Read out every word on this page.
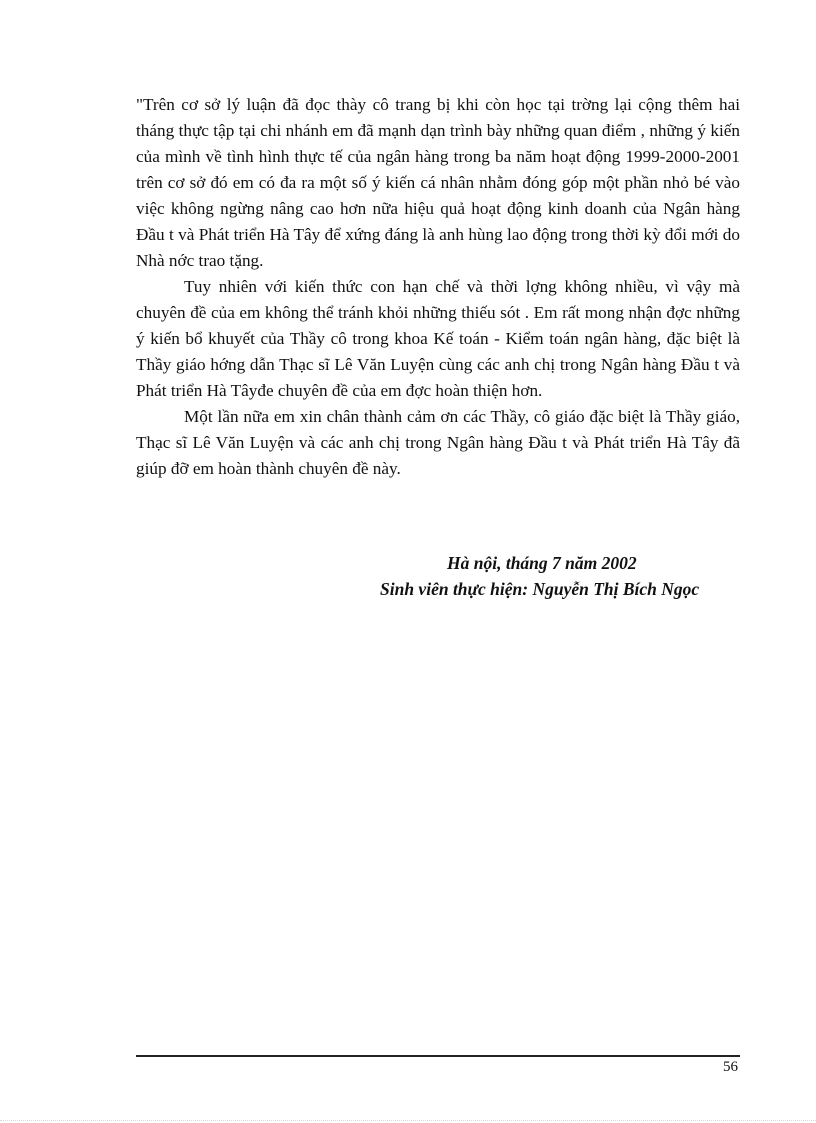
"Trên cơ sở lý luận đã đọc thày cô trang bị khi còn học tại trờng lại cộng thêm hai tháng thực tập tại chi nhánh em đã mạnh dạn trình bày những quan điểm , những ý kiến của mình về tình hình thực tế của ngân hàng trong ba năm hoạt động 1999-2000-2001 trên cơ sở đó em có đa ra một số ý kiến cá nhân nhằm đóng góp một phần nhỏ bé vào việc không ngừng nâng cao hơn nữa hiệu quả hoạt động kinh doanh của Ngân hàng Đầu t và Phát triển Hà Tây để xứng đáng là anh hùng lao động trong thời kỳ đổi mới do Nhà nớc trao tặng.

Tuy nhiên với kiến thức con hạn chế và thời lợng không nhiều, vì vậy mà chuyên đề của em không thể tránh khỏi những thiếu sót . Em rất mong nhận đợc những ý kiến bổ khuyết của Thầy cô trong khoa Kế toán - Kiểm toán ngân hàng, đặc biệt là Thầy giáo hớng dẫn Thạc sĩ Lê Văn Luyện cùng các anh chị trong Ngân hàng Đầu t và Phát triển Hà Tâyđe chuyên đề của em đợc hoàn thiện hơn.

Một lần nữa em xin chân thành cảm ơn các Thầy, cô giáo đặc biệt là Thầy giáo, Thạc sĩ Lê Văn Luyện và các anh chị trong Ngân hàng Đầu t và Phát triển Hà Tây đã giúp đỡ em hoàn thành chuyên đề này.

Hà nội, tháng 7 năm 2002
Sinh viên thực hiện: Nguyễn Thị Bích Ngọc
56
